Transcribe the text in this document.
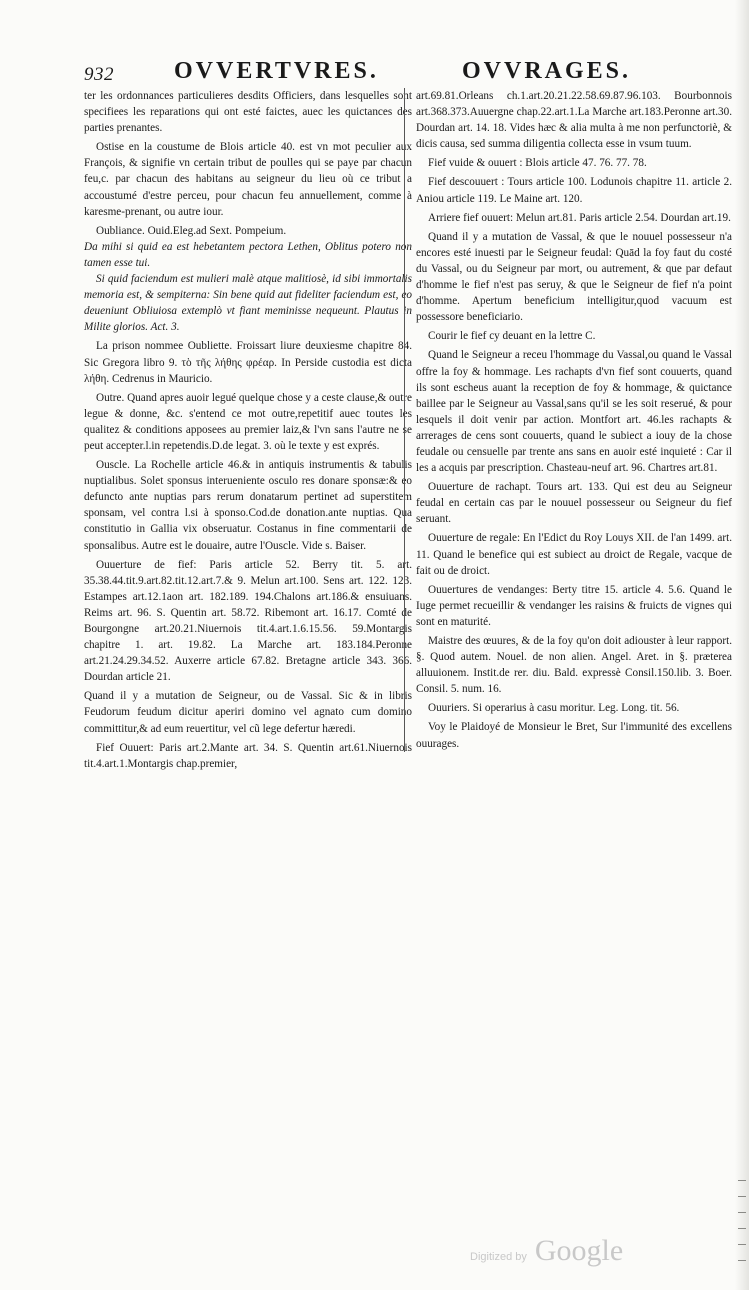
932	OVVERTVRES.	OVVRAGES.

ter les ordonnances particulieres desdits Officiers, dans lesquelles sont specifiees les reparations qui ont esté faictes, auec les quictances des parties prenantes.

Ostise en la coustume de Blois article 40. est vn mot peculier aux François, & signifie vn certain tribut de poulles qui se paye par chacun feu,c. par chacun des habitans au seigneur du lieu où ce tribut a accoustumé d'estre perceu, pour chacun feu annuellement, comme à karesme-prenant, ou autre iour.

Oubliance. Ouid.Eleg.ad Sext. Pompeium.

Da mihi si quid ea est hebetantem pectora Lethen, Oblitus potero non tamen esse tui.

Si quid faciendum est mulieri malè atque malitiosè, id sibi immortalis memoria est, & sempiterna: Sin bene quid aut fideliter faciendum est, eo deueniunt Obliuiosa extemplò vt fiant meminisse nequeunt. Plautus in Milite glorios. Act. 3.

La prison nommee Oubliette. Froissart liure deuxiesme chapitre 84. Sic Gregora libro 9. τὸ τῆς λήθης φρέαρ. In Perside custodia est dicta λήθη. Cedrenus in Mauricio.

Outre. Quand apres auoir legué quelque chose y a ceste clause,& outre legue & donne, &c. s'entend ce mot outre,repetitif auec toutes les qualitez & conditions apposees au premier laiz,& l'vn sans l'autre ne se peut accepter.l.in repetendis.D.de legat. 3. où le texte y est exprés.

Ouscle. La Rochelle article 46.& in antiquis instrumentis & tabulis nuptialibus. Solet sponsus interueniente osculo res donare sponsæ:& eo defuncto ante nuptias pars rerum donatarum pertinet ad superstitem sponsam, vel contra l.si à sponso.Cod.de donation.ante nuptias. Qua constitutio in Gallia vix obseruatur. Costanus in fine commentarii de sponsalibus. Autre est le douaire, autre l'Ouscle. Vide s. Baiser.

Ouuerture de fief: Paris article 52. Berry tit. 5. art. 35.38.44.tit.9.art.82.tit.12.art.7.& 9. Melun art.100. Sens art. 122. 123. Estampes art.12.1aon art. 182.189. 194.Chalons art.186.& ensuiuans. Reims art. 96. S. Quentin art. 58.72. Ribemont art. 16.17. Comté de Bourgongne art.20.21.Niuernois tit.4.art.1.6.15.56. 59.Montargis chapitre 1. art. 19.82. La Marche art. 183.184.Peronne art.21.24.29.34.52. Auxerre article 67.82. Bretagne article 343. 366. Dourdan article 21.

Quand il y a mutation de Seigneur, ou de Vassal. Sic & in libris Feudorum feudum dicitur aperiri domino vel agnato cum domino committitur,& ad eum reuertitur, vel cũ lege defertur hæredi.

Fief Ouuert: Paris art.2.Mante art. 34. S. Quentin art.61.Niuernois tit.4.art.1.Montargis chap.premier,

art.69.81.Orleans ch.1.art.20.21.22.58.69.87.96.103. Bourbonnois art.368.373.Auuergne chap.22.art.1.La Marche art.183.Peronne art.30. Dourdan art. 14. 18. Vides hæc & alia multa à me non perfunctoriè, & dicis causa, sed summa diligentia collecta esse in vsum tuum.

Fief vuide & ouuert : Blois article 47. 76. 77. 78.

Fief descouuert : Tours article 100. Lodunois chapitre 11. article 2. Aniou article 119. Le Maine art. 120.

Arriere fief ouuert: Melun art.81. Paris article 2.54. Dourdan art.19.

Quand il y a mutation de Vassal, & que le nouuel possesseur n'a encores esté inuesti par le Seigneur feudal: Quād la foy faut du costé du Vassal, ou du Seigneur par mort, ou autrement, & que par defaut d'homme le fief n'est pas seruy, & que le Seigneur de fief n'a point d'homme. Apertum beneficium intelligitur,quod vacuum est possessore beneficiario.

Courir le fief cy deuant en la lettre C.

Quand le Seigneur a receu l'hommage du Vassal,ou quand le Vassal offre la foy & hommage. Les rachapts d'vn fief sont couuerts, quand ils sont escheus auant la reception de foy & hommage, & quictance baillee par le Seigneur au Vassal,sans qu'il se les soit reserué, & pour lesquels il doit venir par action. Montfort art. 46.les rachapts & arrerages de cens sont couuerts, quand le subiect a iouy de la chose feudale ou censuelle par trente ans sans en auoir esté inquieté : Car il les a acquis par prescription. Chasteau-neuf art. 96. Chartres art.81.

Ouuerture de rachapt. Tours art. 133. Qui est deu au Seigneur feudal en certain cas par le nouuel possesseur ou Seigneur du fief seruant.

Ouuerture de regale: En l'Edict du Roy Louys XII. de l'an 1499. art. 11. Quand le benefice qui est subiect au droict de Regale, vacque de fait ou de droict.

Ouuertures de vendanges: Berty titre 15. article 4. 5.6. Quand le Iuge permet recueillir & vendanger les raisins & fruicts de vignes qui sont en maturité.

Maistre des œuures, & de la foy qu'on doit adiouster à leur rapport. §. Quod autem. Nouel. de non alien. Angel. Aret. in §. præterea alluuionem. Instit.de rer. diu. Bald. expressè Consil.150.lib. 3. Boer. Consil. 5. num. 16.

Ouuriers. Si operarius à casu moritur. Leg. Long. tit. 56.

Voy le Plaidoyé de Monsieur le Bret, Sur l'immunité des excellens ouurages.

Digitized by Google
